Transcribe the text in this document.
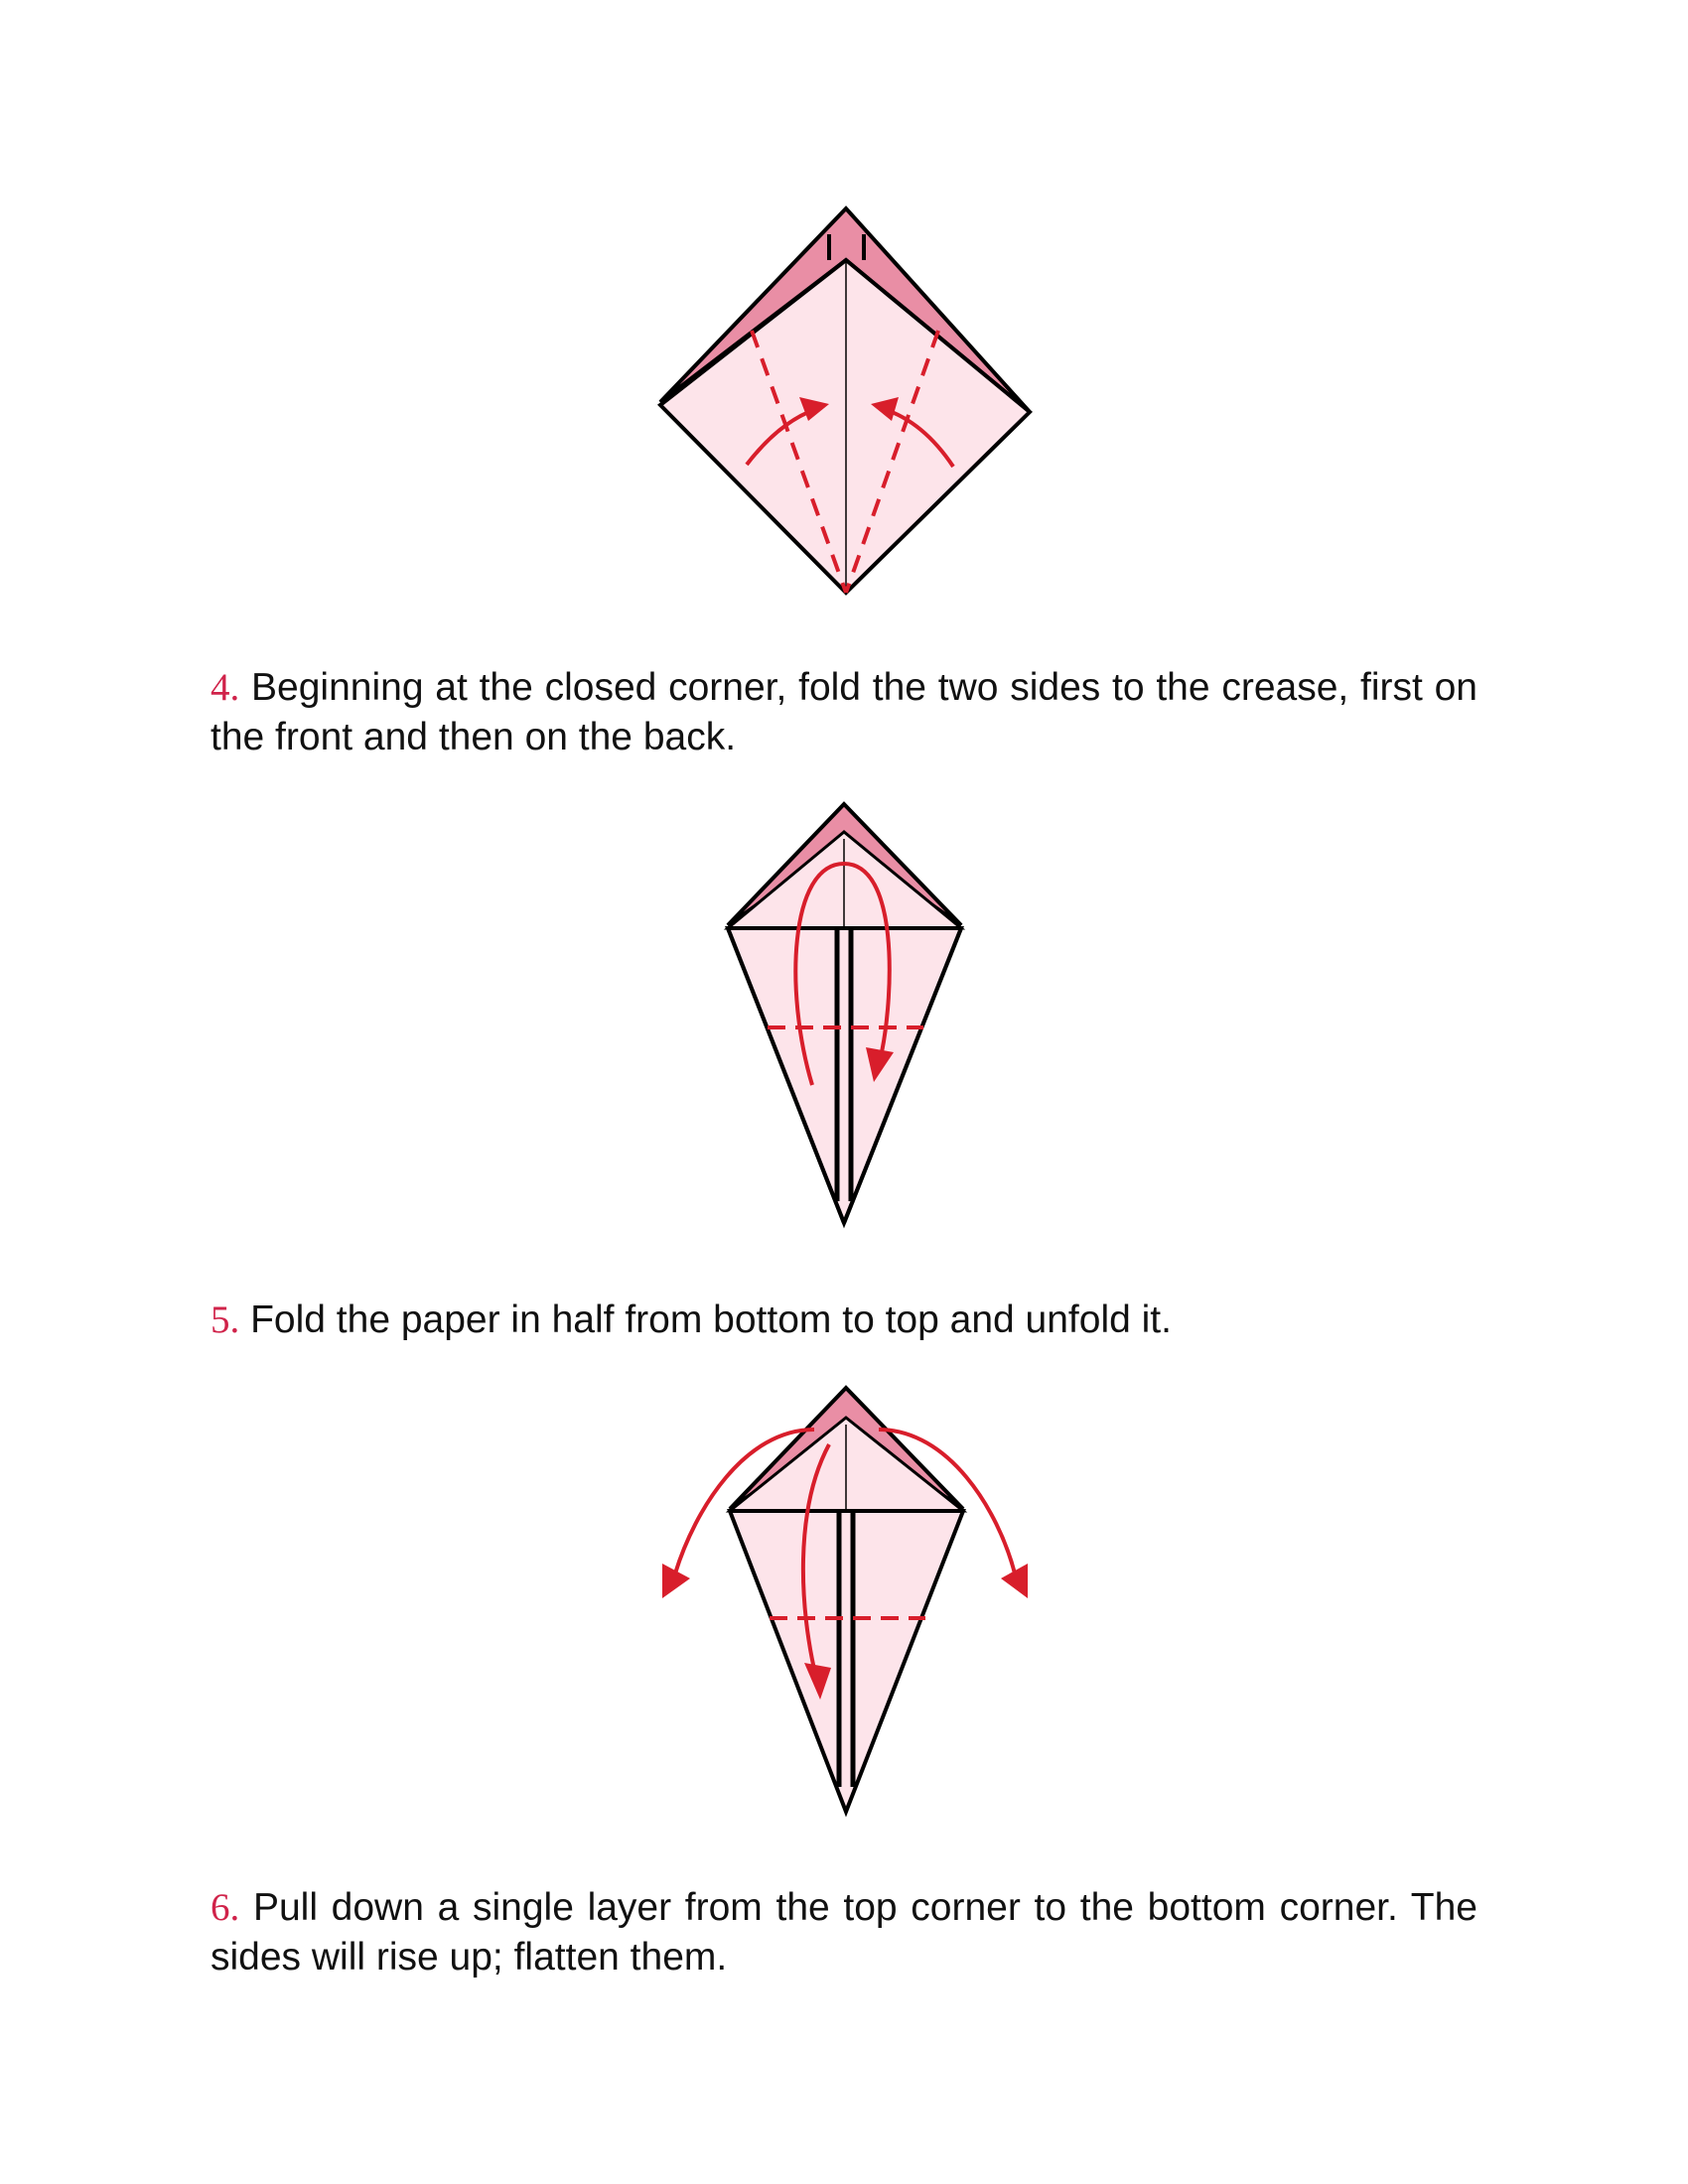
4. Beginning at the closed corner, fold the two sides to the crease, first on the front and then on the back.

5. Fold the paper in half from bottom to top and unfold it.

6. Pull down a single layer from the top corner to the bottom corner. The sides will rise up; flatten them.
